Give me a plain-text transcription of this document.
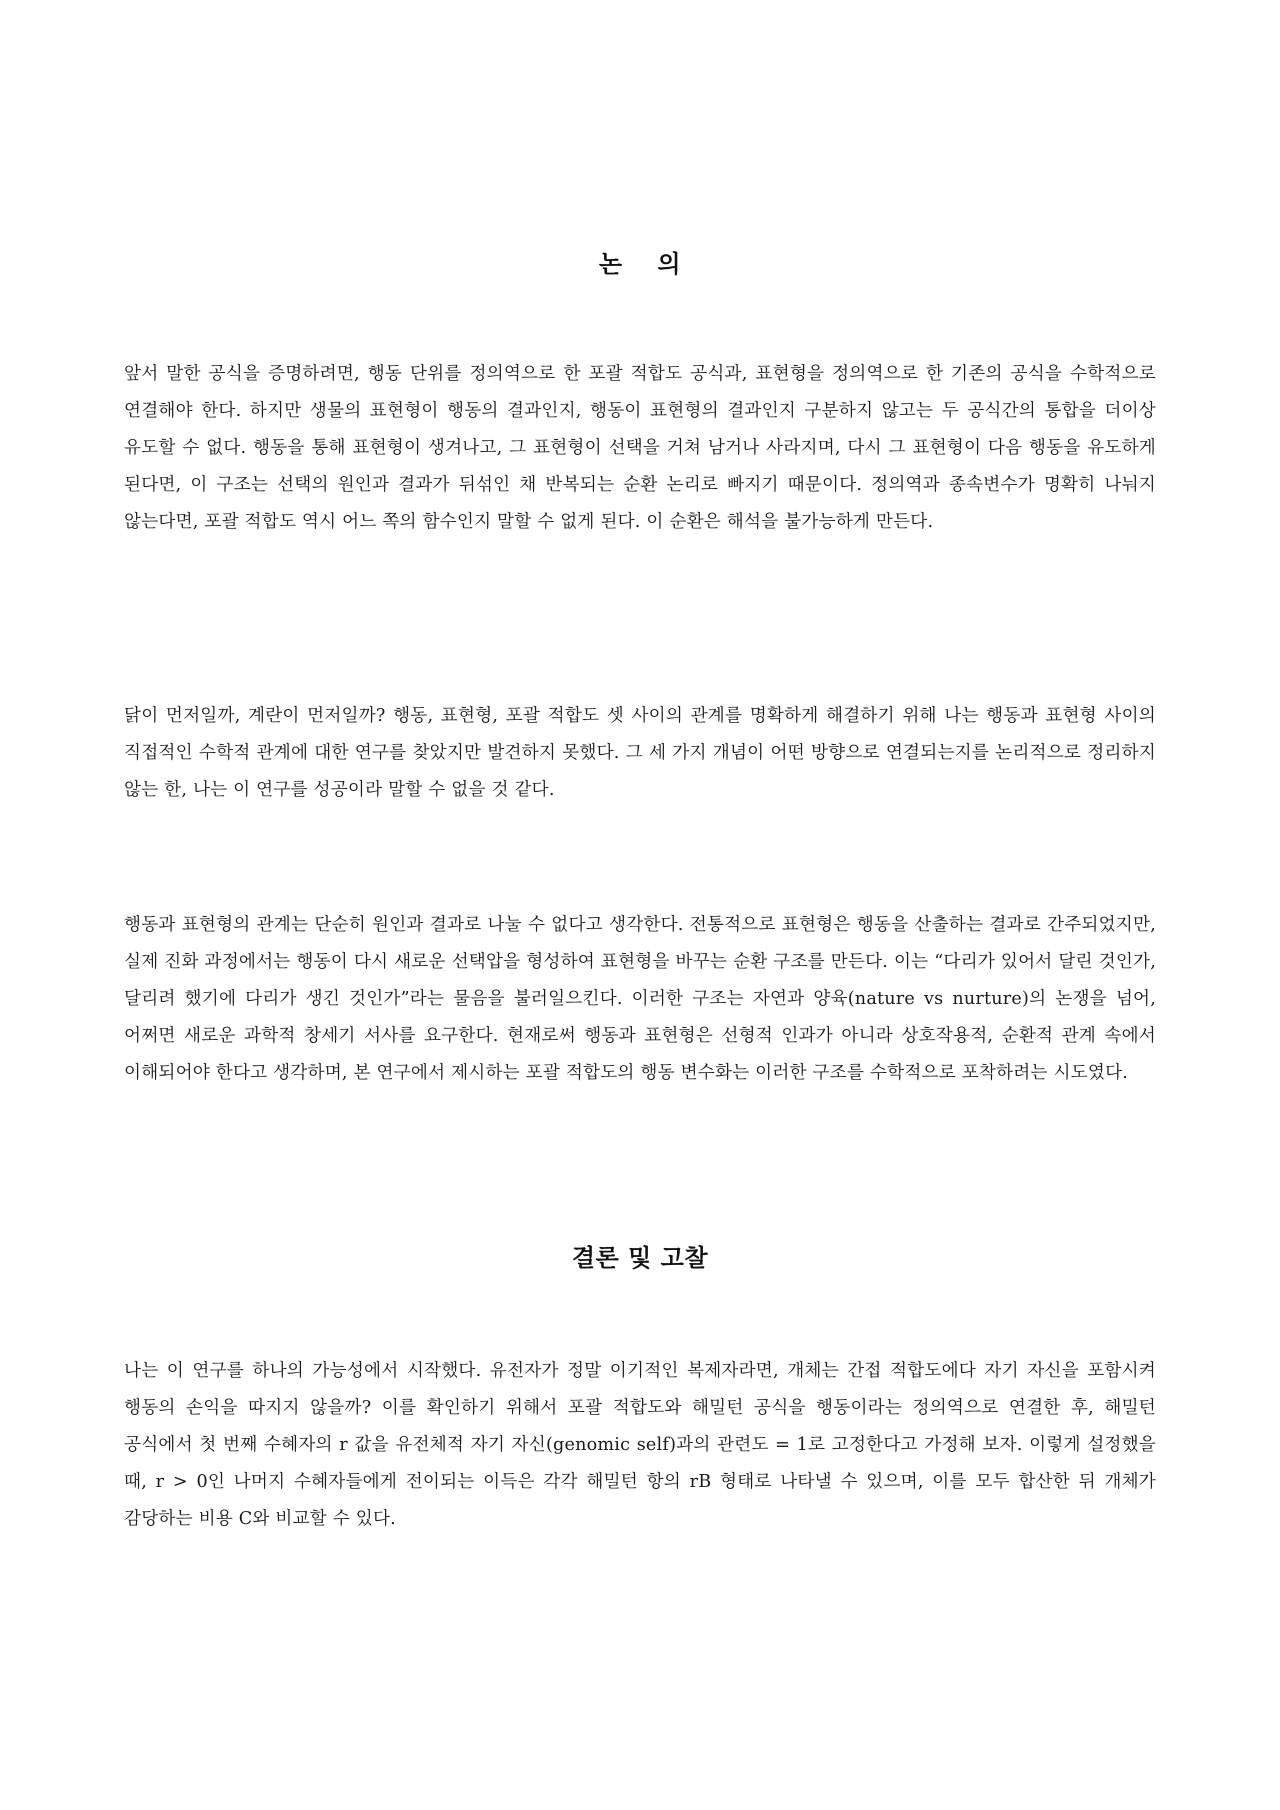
논 의

앞서 말한 공식을 증명하려면, 행동 단위를 정의역으로 한 포괄 적합도 공식과, 표현형을 정의역으로 한 기존의 공식을 수학적으로 연결해야 한다. 하지만 생물의 표현형이 행동의 결과인지, 행동이 표현형의 결과인지 구분하지 않고는 두 공식간의 통합을 더이상 유도할 수 없다. 행동을 통해 표현형이 생겨나고, 그 표현형이 선택을 거쳐 남거나 사라지며, 다시 그 표현형이 다음 행동을 유도하게 된다면, 이 구조는 선택의 원인과 결과가 뒤섞인 채 반복되는 순환 논리로 빠지기 때문이다. 정의역과 종속변수가 명확히 나눠지 않는다면, 포괄 적합도 역시 어느 쪽의 함수인지 말할 수 없게 된다. 이 순환은 해석을 불가능하게 만든다.

닭이 먼저일까, 계란이 먼저일까? 행동, 표현형, 포괄 적합도 셋 사이의 관계를 명확하게 해결하기 위해 나는 행동과 표현형 사이의 직접적인 수학적 관계에 대한 연구를 찾았지만 발견하지 못했다. 그 세 가지 개념이 어떤 방향으로 연결되는지를 논리적으로 정리하지 않는 한, 나는 이 연구를 성공이라 말할 수 없을 것 같다.

행동과 표현형의 관계는 단순히 원인과 결과로 나눌 수 없다고 생각한다. 전통적으로 표현형은 행동을 산출하는 결과로 간주되었지만, 실제 진화 과정에서는 행동이 다시 새로운 선택압을 형성하여 표현형을 바꾸는 순환 구조를 만든다. 이는 “다리가 있어서 달린 것인가, 달리려 했기에 다리가 생긴 것인가”라는 물음을 불러일으킨다. 이러한 구조는 자연과 양육(nature vs nurture)의 논쟁을 넘어, 어쩌면 새로운 과학적 창세기 서사를 요구한다. 현재로써 행동과 표현형은 선형적 인과가 아니라 상호작용적, 순환적 관계 속에서 이해되어야 한다고 생각하며, 본 연구에서 제시하는 포괄 적합도의 행동 변수화는 이러한 구조를 수학적으로 포착하려는 시도였다.

결론 및 고찰

나는 이 연구를 하나의 가능성에서 시작했다. 유전자가 정말 이기적인 복제자라면, 개체는 간접 적합도에다 자기 자신을 포함시켜 행동의 손익을 따지지 않을까? 이를 확인하기 위해서 포괄 적합도와 해밀턴 공식을 행동이라는 정의역으로 연결한 후, 해밀턴 공식에서 첫 번째 수혜자의 r 값을 유전체적 자기 자신(genomic self)과의 관련도 = 1로 고정한다고 가정해 보자. 이렇게 설정했을 때, r > 0인 나머지 수혜자들에게 전이되는 이득은 각각 해밀턴 항의 rB 형태로 나타낼 수 있으며, 이를 모두 합산한 뒤 개체가 감당하는 비용 C와 비교할 수 있다.
